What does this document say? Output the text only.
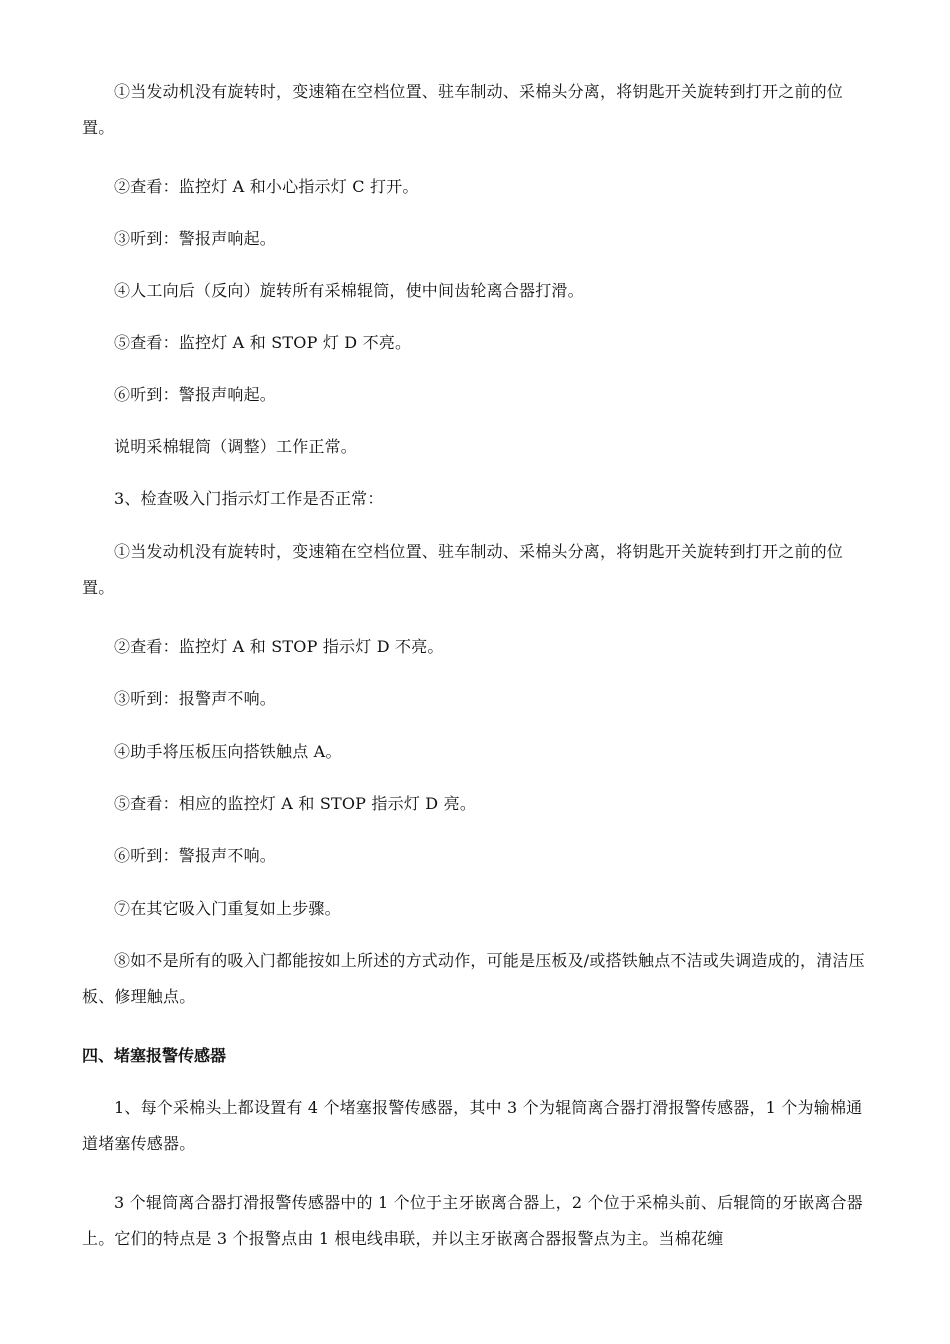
①当发动机没有旋转时，变速箱在空档位置、驻车制动、采棉头分离，将钥匙开关旋转到打开之前的位置。

②查看：监控灯 A 和小心指示灯 C 打开。

③听到：警报声响起。

④人工向后（反向）旋转所有采棉辊筒，使中间齿轮离合器打滑。

⑤查看：监控灯 A 和 STOP 灯 D 不亮。

⑥听到：警报声响起。

说明采棉辊筒（调整）工作正常。

3、检查吸入门指示灯工作是否正常：

①当发动机没有旋转时，变速箱在空档位置、驻车制动、采棉头分离，将钥匙开关旋转到打开之前的位置。

②查看：监控灯 A 和 STOP 指示灯 D 不亮。

③听到：报警声不响。

④助手将压板压向搭铁触点 A。

⑤查看：相应的监控灯 A 和 STOP 指示灯 D 亮。

⑥听到：警报声不响。

⑦在其它吸入门重复如上步骤。

⑧如不是所有的吸入门都能按如上所述的方式动作，可能是压板及/或搭铁触点不洁或失调造成的，清洁压板、修理触点。

四、堵塞报警传感器

1、每个采棉头上都设置有 4 个堵塞报警传感器，其中 3 个为辊筒离合器打滑报警传感器，1 个为输棉通道堵塞传感器。

3 个辊筒离合器打滑报警传感器中的 1 个位于主牙嵌离合器上，2 个位于采棉头前、后辊筒的牙嵌离合器上。它们的特点是 3 个报警点由 1 根电线串联，并以主牙嵌离合器报警点为主。当棉花缠
